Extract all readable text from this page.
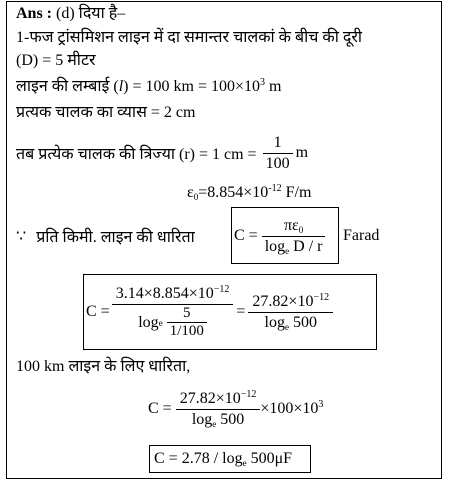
Ans : (d) दिया है–
1-फज ट्रांसमिशन लाइन में दा समान्तर चालकां के बीच की दूरी
(D) = 5 मीटर
लाइन की लम्बाई (l) = 100 km = $100\times 10^3$ m
प्रत्यक चालक का व्यास = 2 cm
तब प्रत्येक चालक की त्रिज्या (r) = 1 cm = $\frac{1}{100}$ m
$\varepsilon_0=8.854\times 10^{-12}$ F/m
∵ प्रति किमी. लाइन की धारिता $C = \frac{\pi\varepsilon_0}{\log_e D / r}$ Farad
$C = \frac{3.14\times 8.854\times 10^{-12}}{\log e \frac{5}{1/100}} = \frac{27.82\times 10^{-12}}{\log_e 500}$
100 km लाइन के लिए धारिता,
$C = \frac{27.82\times 10^{-12}}{\log_e 500} \times 100\times 10^3$
$C = 2.78 / \log_e 500\mu F$
